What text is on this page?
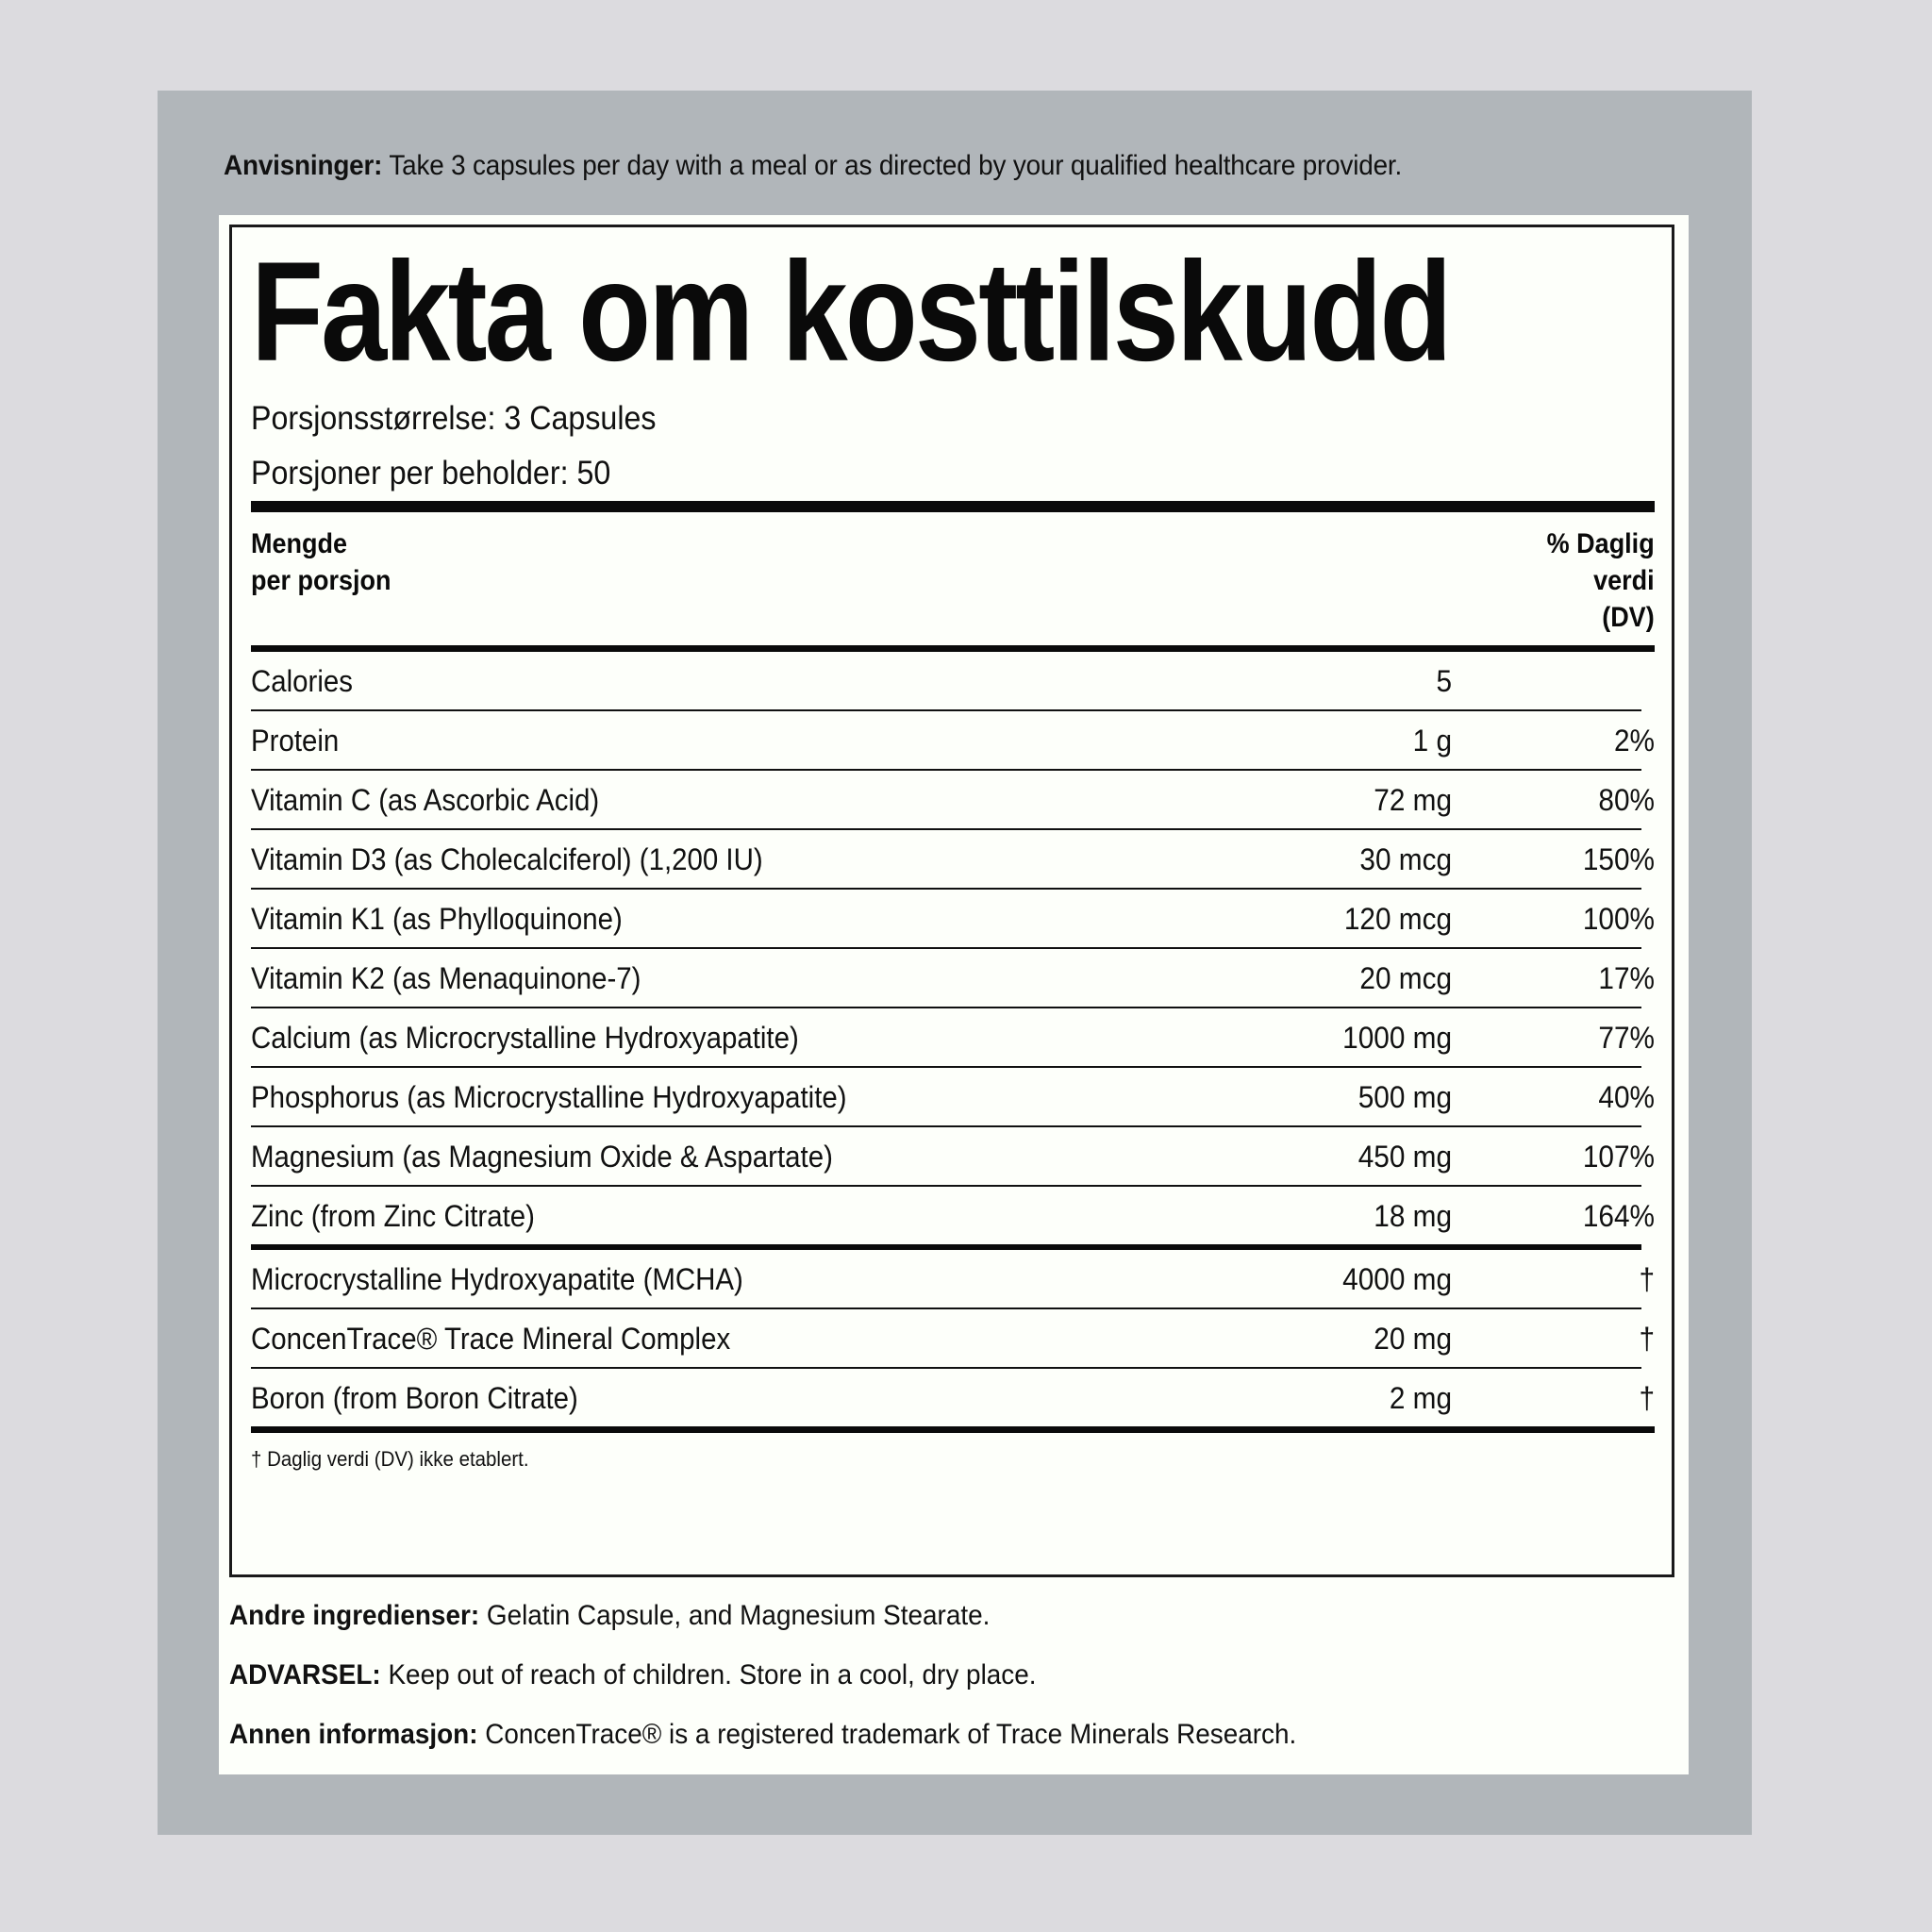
Anvisninger: Take 3 capsules per day with a meal or as directed by your qualified healthcare provider.
Fakta om kosttilskudd
Porsjonsstørrelse: 3 Capsules
Porsjoner per beholder: 50
Mengde
per porsjon
% Daglig
verdi
(DV)
Calories	5
Protein	1 g	2%
Vitamin C (as Ascorbic Acid)	72 mg	80%
Vitamin D3 (as Cholecalciferol) (1,200 IU)	30 mcg	150%
Vitamin K1 (as Phylloquinone)	120 mcg	100%
Vitamin K2 (as Menaquinone-7)	20 mcg	17%
Calcium (as Microcrystalline Hydroxyapatite)	1000 mg	77%
Phosphorus (as Microcrystalline Hydroxyapatite)	500 mg	40%
Magnesium (as Magnesium Oxide & Aspartate)	450 mg	107%
Zinc (from Zinc Citrate)	18 mg	164%
Microcrystalline Hydroxyapatite (MCHA)	4000 mg	†
ConcenTrace® Trace Mineral Complex	20 mg	†
Boron (from Boron Citrate)	2 mg	†
† Daglig verdi (DV) ikke etablert.
Andre ingredienser: Gelatin Capsule, and Magnesium Stearate.
ADVARSEL: Keep out of reach of children. Store in a cool, dry place.
Annen informasjon: ConcenTrace® is a registered trademark of Trace Minerals Research.
